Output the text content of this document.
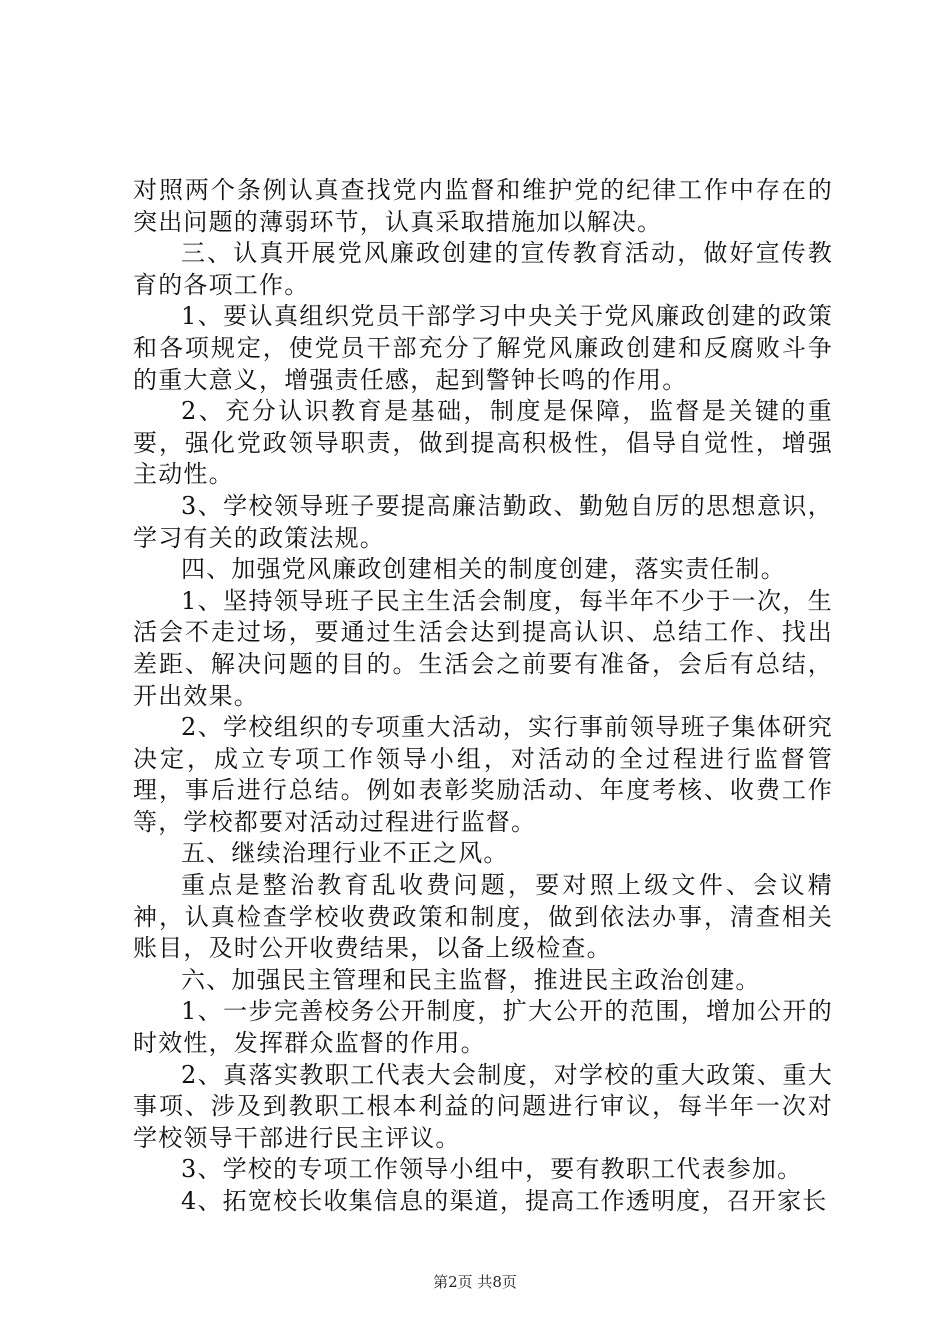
对照两个条例认真查找党内监督和维护党的纪律工作中存在的突出问题的薄弱环节，认真采取措施加以解决。

三、认真开展党风廉政创建的宣传教育活动，做好宣传教育的各项工作。

1、要认真组织党员干部学习中央关于党风廉政创建的政策和各项规定，使党员干部充分了解党风廉政创建和反腐败斗争的重大意义，增强责任感，起到警钟长鸣的作用。

2、充分认识教育是基础，制度是保障，监督是关键的重要，强化党政领导职责，做到提高积极性，倡导自觉性，增强主动性。

3、学校领导班子要提高廉洁勤政、勤勉自厉的思想意识，学习有关的政策法规。

四、加强党风廉政创建相关的制度创建，落实责任制。

1、坚持领导班子民主生活会制度，每半年不少于一次，生活会不走过场，要通过生活会达到提高认识、总结工作、找出差距、解决问题的目的。生活会之前要有准备，会后有总结，开出效果。

2、学校组织的专项重大活动，实行事前领导班子集体研究决定，成立专项工作领导小组，对活动的全过程进行监督管理，事后进行总结。例如表彰奖励活动、年度考核、收费工作等，学校都要对活动过程进行监督。

五、继续治理行业不正之风。

重点是整治教育乱收费问题，要对照上级文件、会议精神，认真检查学校收费政策和制度，做到依法办事，清查相关账目，及时公开收费结果，以备上级检查。

六、加强民主管理和民主监督，推进民主政治创建。

1、一步完善校务公开制度，扩大公开的范围，增加公开的时效性，发挥群众监督的作用。

2、真落实教职工代表大会制度，对学校的重大政策、重大事项、涉及到教职工根本利益的问题进行审议，每半年一次对学校领导干部进行民主评议。

3、学校的专项工作领导小组中，要有教职工代表参加。

4、拓宽校长收集信息的渠道，提高工作透明度，召开家长

第2页 共8页
